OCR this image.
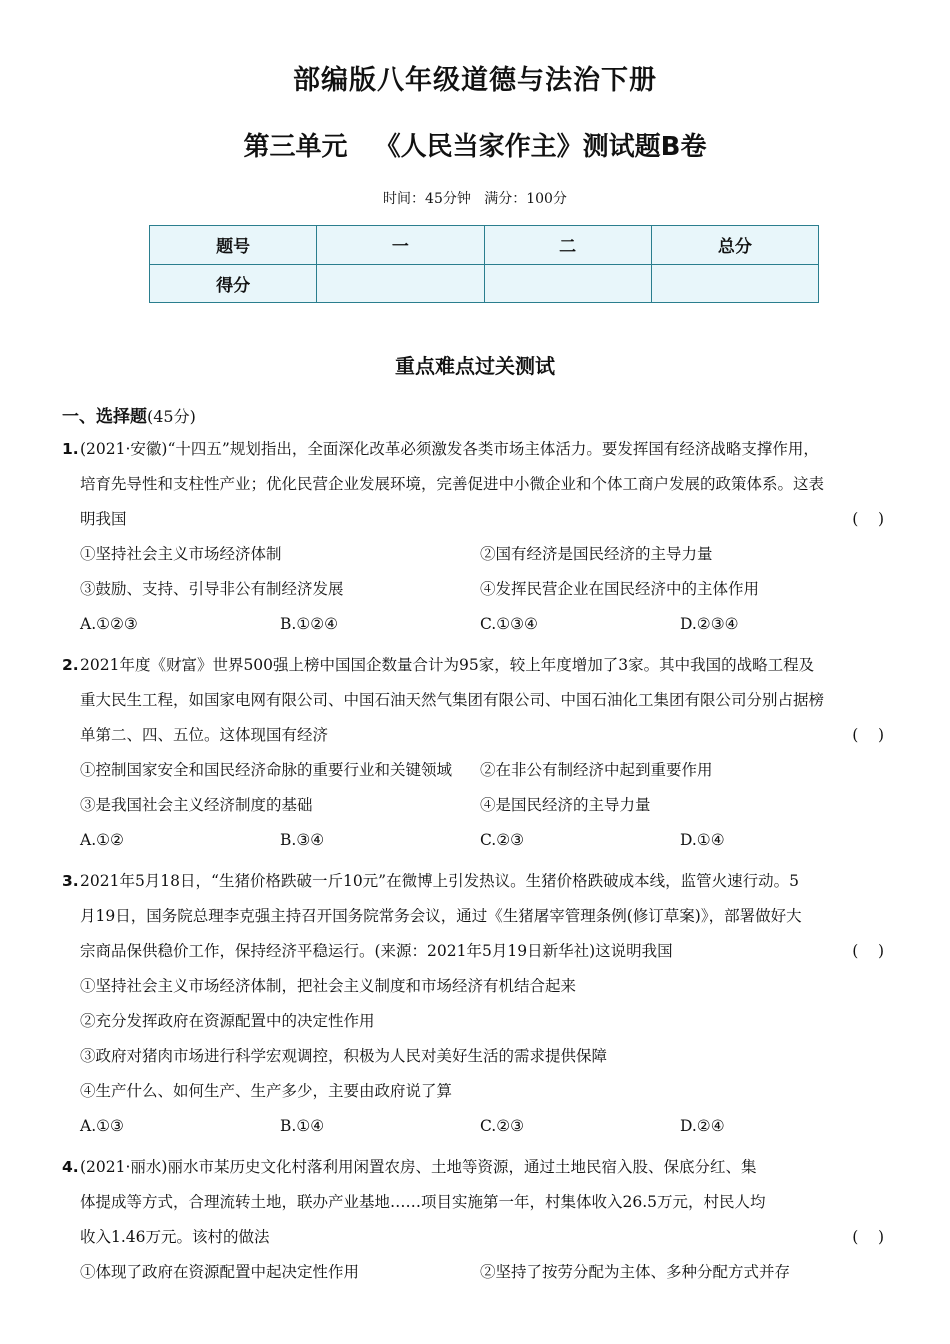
部编版八年级道德与法治下册
第三单元   《人民当家作主》测试题B卷
时间：45分钟   满分：100分
题号	一	二	总分
得分			
重点难点过关测试
一、选择题(45分)
1.(2021·安徽)“十四五”规划指出，全面深化改革必须激发各类市场主体活力。要发挥国有经济战略支撑作用，
培育先导性和支柱性产业；优化民营企业发展环境，完善促进中小微企业和个体工商户发展的政策体系。这表
明我国	(    )
①坚持社会主义市场经济体制	②国有经济是国民经济的主导力量
③鼓励、支持、引导非公有制经济发展	④发挥民营企业在国民经济中的主体作用
A.①②③	B.①②④	C.①③④	D.②③④
2.2021年度《财富》世界500强上榜中国国企数量合计为95家，较上年度增加了3家。其中我国的战略工程及
重大民生工程，如国家电网有限公司、中国石油天然气集团有限公司、中国石油化工集团有限公司分别占据榜
单第二、四、五位。这体现国有经济	(    )
①控制国家安全和国民经济命脉的重要行业和关键领域 ②在非公有制经济中起到重要作用
③是我国社会主义经济制度的基础	④是国民经济的主导力量
A.①②	B.③④	C.②③	D.①④
3.2021年5月18日，“生猪价格跌破一斤10元”在微博上引发热议。生猪价格跌破成本线，监管火速行动。5
月19日，国务院总理李克强主持召开国务院常务会议，通过《生猪屠宰管理条例(修订草案)》，部署做好大
宗商品保供稳价工作，保持经济平稳运行。(来源：2021年5月19日新华社)这说明我国	(    )
①坚持社会主义市场经济体制，把社会主义制度和市场经济有机结合起来
②充分发挥政府在资源配置中的决定性作用
③政府对猪肉市场进行科学宏观调控，积极为人民对美好生活的需求提供保障
④生产什么、如何生产、生产多少，主要由政府说了算
A.①③	B.①④	C.②③	D.②④
4.(2021·丽水)丽水市某历史文化村落利用闲置农房、土地等资源，通过土地民宿入股、保底分红、集
体提成等方式，合理流转土地，联办产业基地……项目实施第一年，村集体收入26.5万元，村民人均
收入1.46万元。该村的做法	(    )
①体现了政府在资源配置中起决定性作用	②坚持了按劳分配为主体、多种分配方式并存
